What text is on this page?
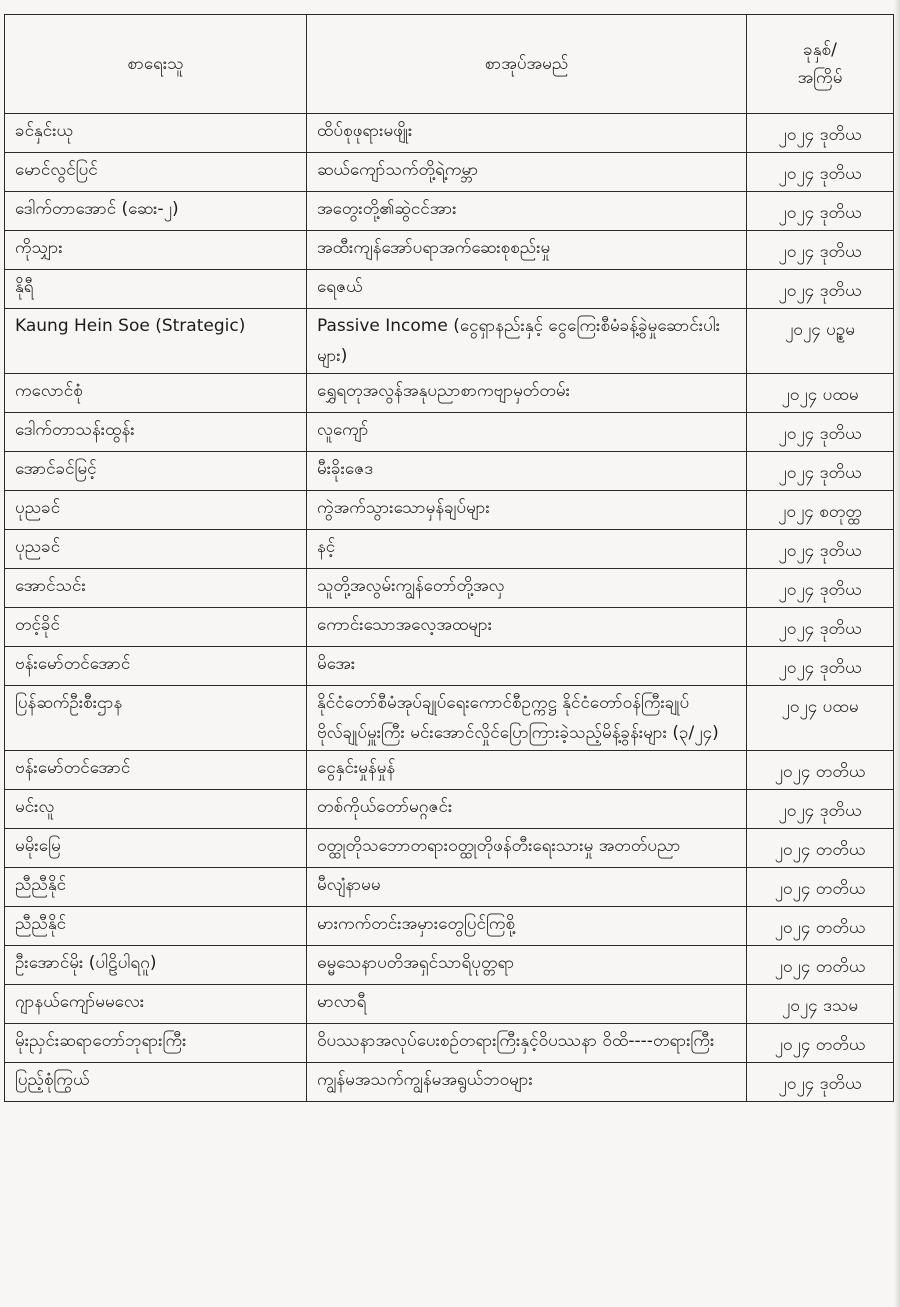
စာရေးသူ	စာအုပ်အမည်	ခုနှစ်/
အကြိမ်
ခင်နှင်းယု	ထိပ်စုဖုရားမဖျိုး	၂၀၂၄ ဒုတိယ
မောင်လွင်ပြင်	ဆယ်ကျော်သက်တို့ရဲ့ကမ္ဘာ	၂၀၂၄ ဒုတိယ
ဒေါက်တာအောင် (ဆေး-၂)	အတွေးတို့၏ဆွဲငင်အား	၂၀၂၄ ဒုတိယ
ကိုသျှား	အထီးကျန်အော်ပရာအက်ဆေးစုစည်းမှု	၂၀၂၄ ဒုတိယ
နိုရီ	ရေဇယ်	၂၀၂၄ ဒုတိယ
Kaung Hein Soe (Strategic)	Passive Income (ငွေရှာနည်းနှင့် ငွေကြေးစီမံခန့်ခွဲမှုဆောင်းပါးများ)	၂၀၂၄ ပဉ္စမ
ကလောင်စုံ	ရွှေရတုအလွန်အနုပညာစာကဗျာမှတ်တမ်း	၂၀၂၄ ပထမ
ဒေါက်တာသန်းထွန်း	လူကျော်	၂၀၂၄ ဒုတိယ
အောင်ခင်မြင့်	မီးခိုးဇေဒ	၂၀၂၄ ဒုတိယ
ပုညခင်	ကွဲအက်သွားသောမှန်ချပ်များ	၂၀၂၄ စတုတ္ထ
ပုညခင်	နင့်	၂၀၂၄ ဒုတိယ
အောင်သင်း	သူတို့အလွမ်းကျွန်တော်တို့အလှ	၂၀၂၄ ဒုတိယ
တင့်ခိုင်	ကောင်းသောအလေ့အထများ	၂၀၂၄ ဒုတိယ
ဗန်းမော်တင်အောင်	မိအေး	၂၀၂၄ ဒုတိယ
ပြန်ဆက်ဦးစီးဌာန	နိုင်ငံတော်စီမံအုပ်ချုပ်ရေးကောင်စီဥက္ကဋ္ဌ နိုင်ငံတော်ဝန်ကြီးချုပ်ဗိုလ်ချုပ်မှူးကြီး မင်းအောင်လှိုင်ပြောကြားခဲ့သည့်မိန့်ခွန်းများ (၃/၂၄)	၂၀၂၄ ပထမ
ဗန်းမော်တင်အောင်	ငွေနှင်းမှုန်မှုန်	၂၀၂၄ တတိယ
မင်းလူ	တစ်ကိုယ်တော်မဂ္ဂဇင်း	၂၀၂၄ ဒုတိယ
မမိုးမြေ	ဝတ္ထုတိုသဘောတရားဝတ္ထုတိုဖန်တီးရေးသားမှု အတတ်ပညာ	၂၀၂၄ တတိယ
ညီညီနိုင်	မီလျံနာမမ	၂၀၂၄ တတိယ
ညီညီနိုင်	မားကက်တင်းအမှားတွေပြင်ကြစို့	၂၀၂၄ တတိယ
ဦးအောင်မိုး (ပါဠိပါရဂူ)	ဓမ္မသေနာပတိအရှင်သာရိပုတ္တရာ	၂၀၂၄ တတိယ
ဂျာနယ်ကျော်မမလေး	မာလာရီ	၂၀၂၄ ဒသမ
မိုးညှင်းဆရာတော်ဘုရားကြီး	ဝိပဿနာအလုပ်ပေးစဉ်တရားကြီးနှင့်ဝိပဿနာ ဝိထိ----တရားကြီး	၂၀၂၄ တတိယ
ပြည့်စုံကြွယ်	ကျွန်မအသက်ကျွန်မအရွယ်ဘဝများ	၂၀၂၄ ဒုတိယ
